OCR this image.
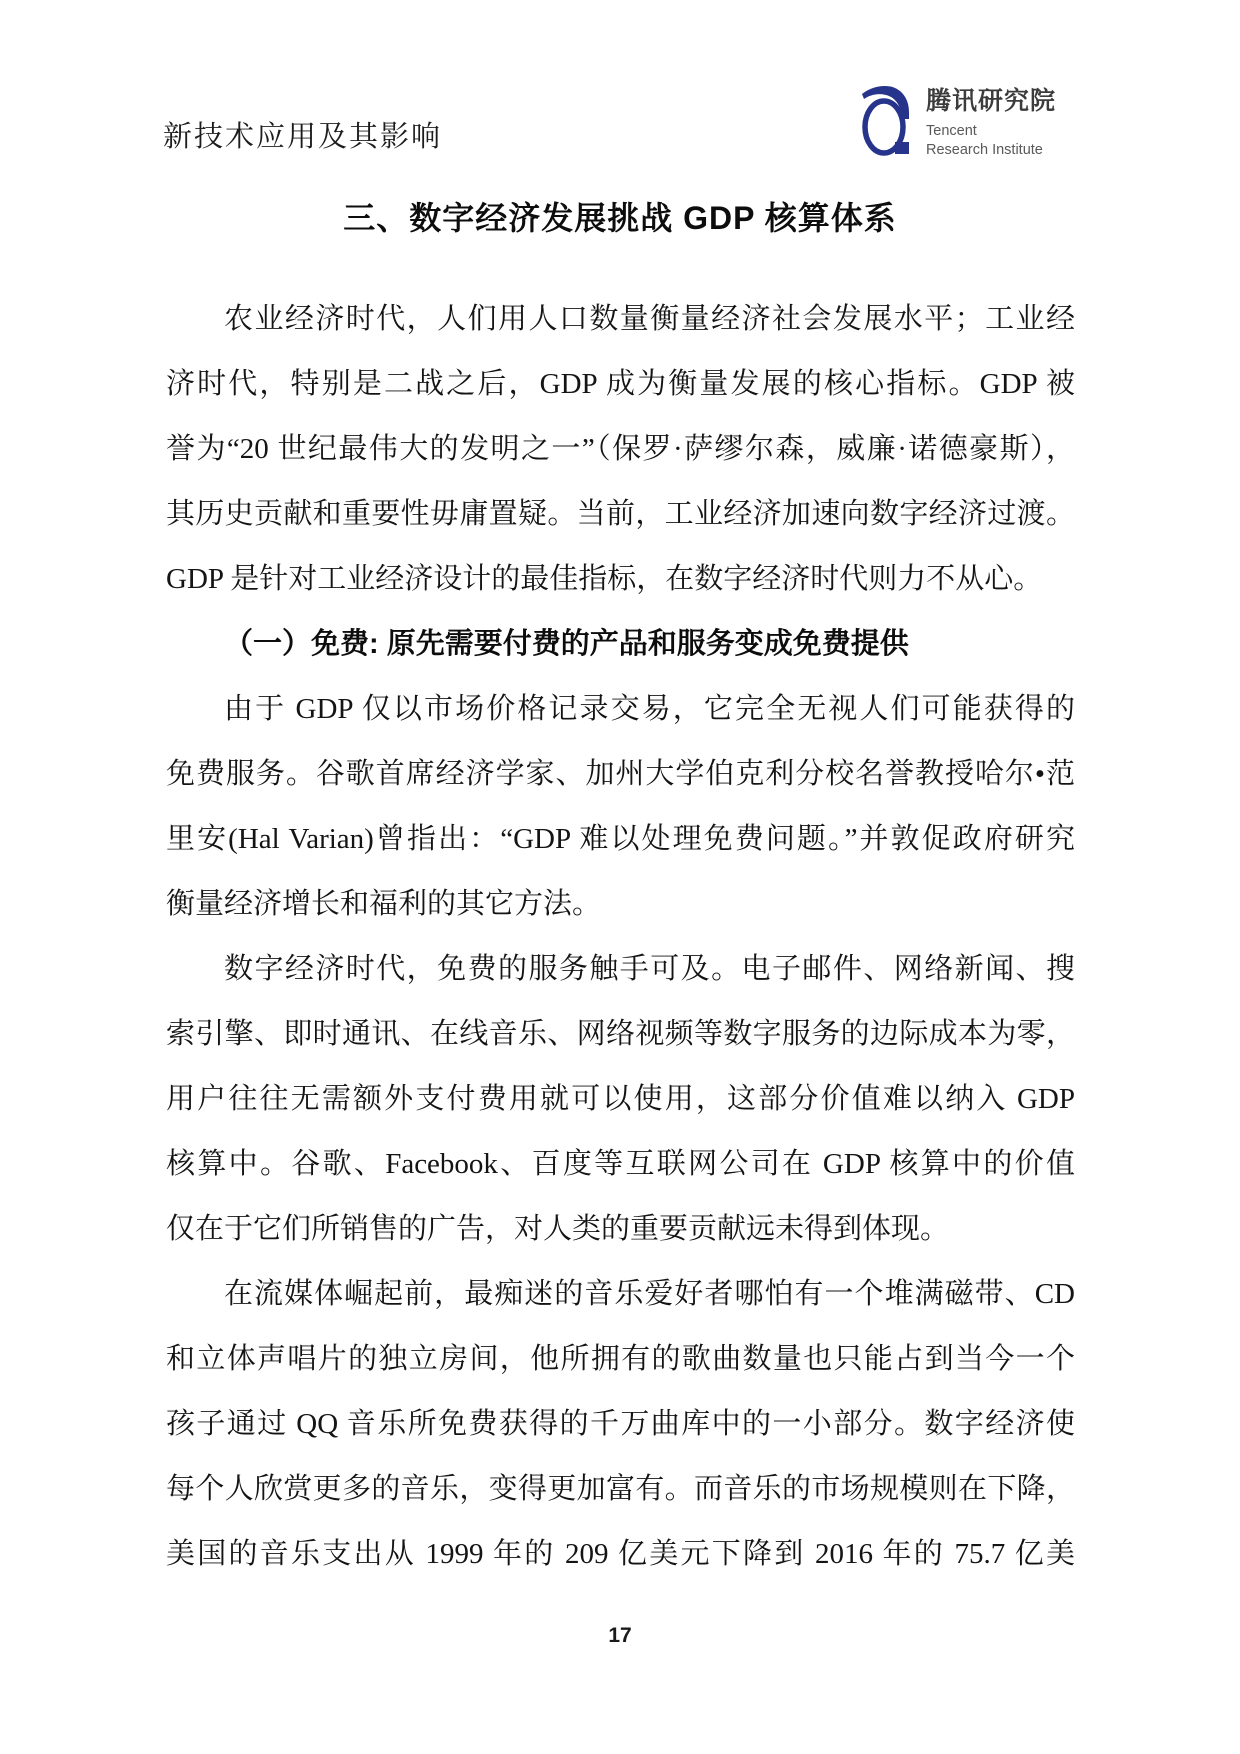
新技术应用及其影响
腾讯研究院
Tencent
Research Institute
三、数字经济发展挑战 GDP 核算体系
农业经济时代，人们用人口数量衡量经济社会发展水平；工业经
济时代，特别是二战之后，GDP 成为衡量发展的核心指标。GDP 被
誉为“20 世纪最伟大的发明之一”（保罗·萨缪尔森，威廉·诺德豪斯），
其历史贡献和重要性毋庸置疑。当前，工业经济加速向数字经济过渡。
GDP 是针对工业经济设计的最佳指标，在数字经济时代则力不从心。
（一）免费: 原先需要付费的产品和服务变成免费提供
由于 GDP 仅以市场价格记录交易，它完全无视人们可能获得的
免费服务。谷歌首席经济学家、加州大学伯克利分校名誉教授哈尔•范
里安(Hal Varian)曾指出：“GDP 难以处理免费问题。”并敦促政府研究
衡量经济增长和福利的其它方法。
数字经济时代，免费的服务触手可及。电子邮件、网络新闻、搜
索引擎、即时通讯、在线音乐、网络视频等数字服务的边际成本为零，
用户往往无需额外支付费用就可以使用，这部分价值难以纳入 GDP
核算中。谷歌、Facebook、百度等互联网公司在 GDP 核算中的价值
仅在于它们所销售的广告，对人类的重要贡献远未得到体现。
在流媒体崛起前，最痴迷的音乐爱好者哪怕有一个堆满磁带、CD
和立体声唱片的独立房间，他所拥有的歌曲数量也只能占到当今一个
孩子通过 QQ 音乐所免费获得的千万曲库中的一小部分。数字经济使
每个人欣赏更多的音乐，变得更加富有。而音乐的市场规模则在下降，
美国的音乐支出从 1999 年的 209 亿美元下降到 2016 年的 75.7 亿美
17
